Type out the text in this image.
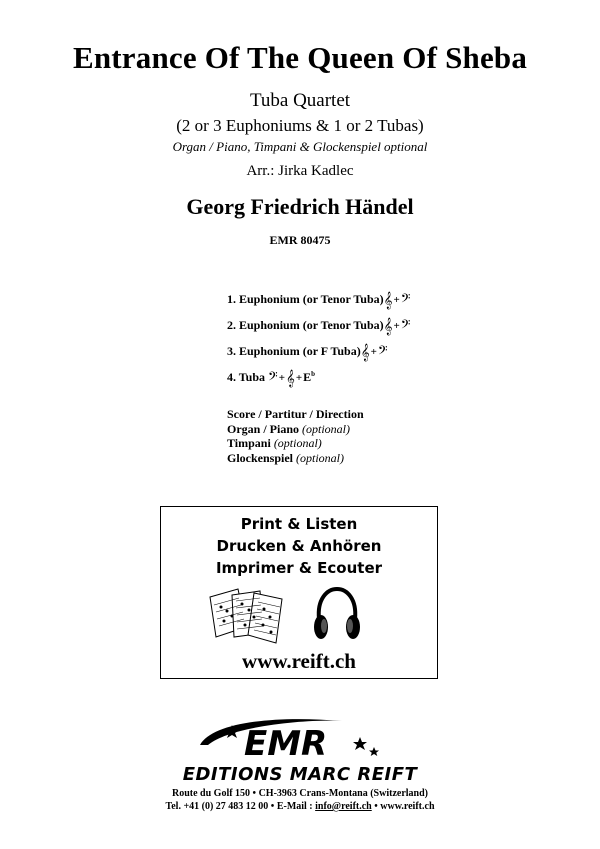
Entrance Of The Queen Of Sheba
Tuba Quartet
(2 or 3 Euphoniums & 1 or 2 Tubas)
Organ / Piano, Timpani & Glockenspiel optional
Arr.: Jirka Kadlec
Georg Friedrich Händel
EMR 80475
1. Euphonium (or Tenor Tuba) 𝄞 + 𝄢
2. Euphonium (or Tenor Tuba) 𝄞 + 𝄢
3. Euphonium (or F Tuba) 𝄞 + 𝄢
4. Tuba 𝄢 + 𝄞 + $E^b$
Score / Partitur / Direction
Organ / Piano (optional)
Timpani (optional)
Glockenspiel (optional)
Print & Listen
Drucken & Anhören
Imprimer & Ecouter
www.reift.ch
EMR
EDITIONS MARC REIFT
Route du Golf 150 • CH-3963 Crans-Montana (Switzerland)
Tel. +41 (0) 27 483 12 00 • E-Mail : info@reift.ch • www.reift.ch
